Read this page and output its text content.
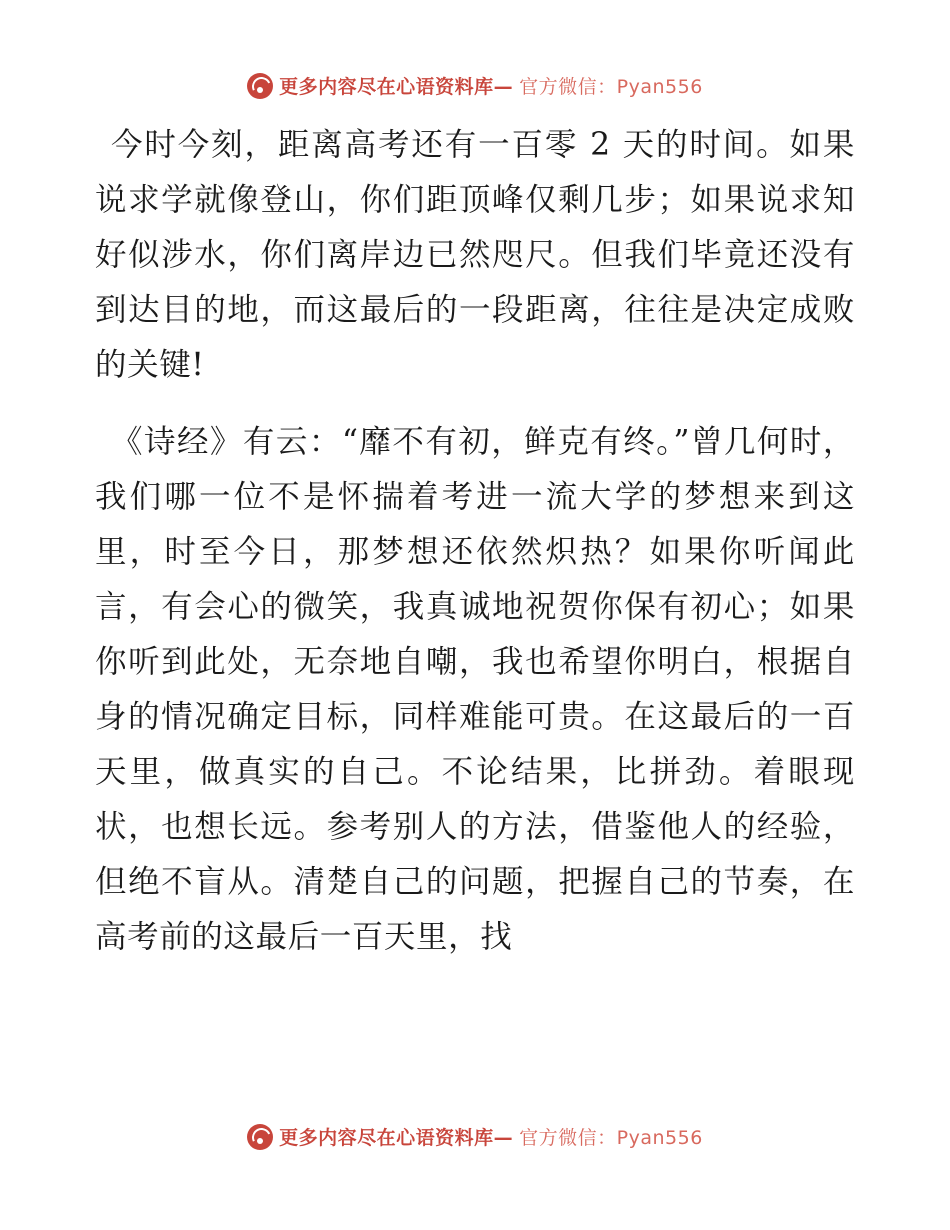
更多内容尽在心语资料库— 官方微信：Pyan556

今时今刻，距离高考还有一百零 2 天的时间。如果说求学就像登山，你们距顶峰仅剩几步；如果说求知好似涉水，你们离岸边已然咫尺。但我们毕竟还没有到达目的地，而这最后的一段距离，往往是决定成败的关键!

《诗经》有云：“靡不有初，鲜克有终。”曾几何时，我们哪一位不是怀揣着考进一流大学的梦想来到这里，时至今日，那梦想还依然炽热？如果你听闻此言，有会心的微笑，我真诚地祝贺你保有初心；如果你听到此处，无奈地自嘲，我也希望你明白，根据自身的情况确定目标，同样难能可贵。在这最后的一百天里，做真实的自己。不论结果，比拼劲。着眼现状，也想长远。参考别人的方法，借鉴他人的经验，但绝不盲从。清楚自己的问题，把握自己的节奏，在高考前的这最后一百天里，找

更多内容尽在心语资料库— 官方微信：Pyan556
